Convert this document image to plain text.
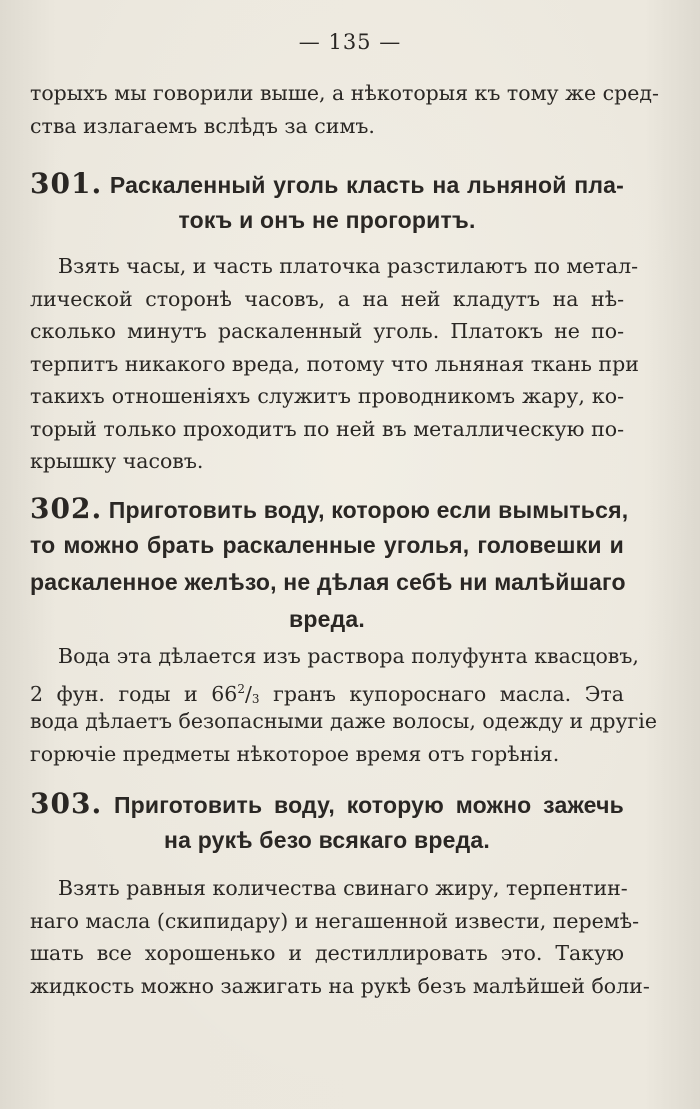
— 135 —
торыхъ мы говорили выше, а нѣкоторыя къ тому же сред-
ства излагаемъ вслѣдъ за симъ.
301. Раскаленный уголь класть на льняной пла-
токъ и онъ не прогоритъ.
Взять часы, и часть платочка разстилаютъ по метал-
лической сторонѣ часовъ, а на ней кладутъ на нѣ-
сколько минутъ раскаленный уголь. Платокъ не по-
терпитъ никакого вреда, потому что льняная ткань при
такихъ отношеніяхъ служитъ проводникомъ жару, ко-
торый только проходитъ по ней въ металлическую по-
крышку часовъ.
302. Приготовить воду, которою если вымыться,
то можно брать раскаленные уголья, головешки и
раскаленное желѣзо, не дѣлая себѣ ни малѣйшаго
вреда.
Вода эта дѣлается изъ раствора полуфунта квасцовъ,
2 фун. годы и $66^2/_3$ гранъ купороснаго масла. Эта
вода дѣлаетъ безопасными даже волосы, одежду и другіе
горючіе предметы нѣкоторое время отъ горѣнія.
303. Приготовить воду, которую можно зажечь
на рукѣ безо всякаго вреда.
Взять равныя количества свинаго жиру, терпентин-
наго масла (скипидару) и негашенной извести, перемѣ-
шать все хорошенько и дестиллировать это. Такую
жидкость можно зажигать на рукѣ безъ малѣйшей боли-
